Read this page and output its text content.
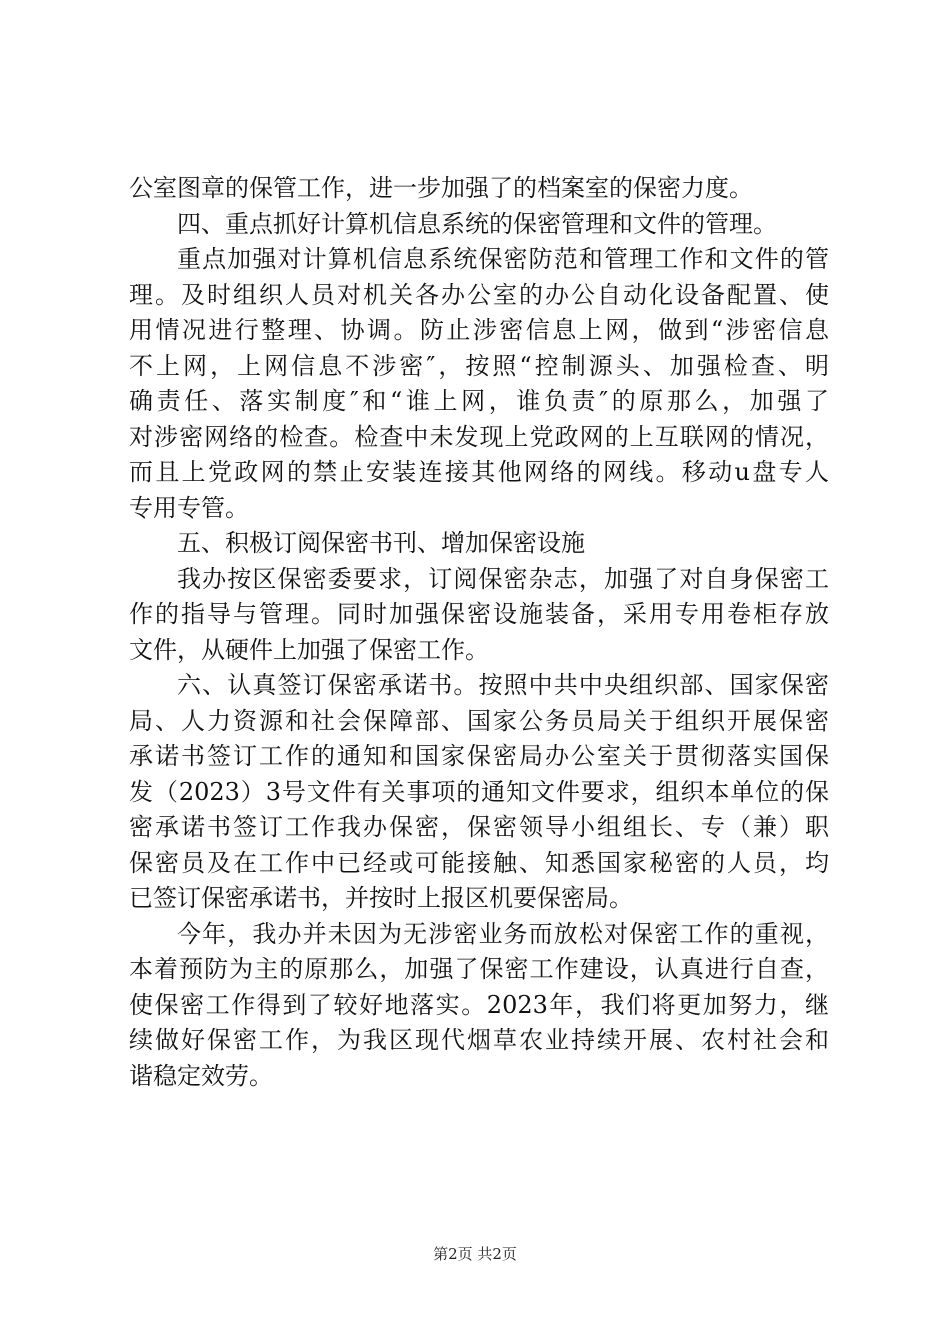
公室图章的保管工作，进一步加强了的档案室的保密力度。
四、重点抓好计算机信息系统的保密管理和文件的管理。
重点加强对计算机信息系统保密防范和管理工作和文件的管
理。及时组织人员对机关各办公室的办公自动化设备配置、使
用情况进行整理、协调。防止涉密信息上网，做到“涉密信息
不上网，上网信息不涉密″，按照“控制源头、加强检查、明
确责任、落实制度″和“谁上网，谁负责″的原那么，加强了
对涉密网络的检查。检查中未发现上党政网的上互联网的情况，
而且上党政网的禁止安装连接其他网络的网线。移动u盘专人
专用专管。
五、积极订阅保密书刊、增加保密设施
我办按区保密委要求，订阅保密杂志，加强了对自身保密工
作的指导与管理。同时加强保密设施装备，采用专用卷柜存放
文件，从硬件上加强了保密工作。
六、认真签订保密承诺书。按照中共中央组织部、国家保密
局、人力资源和社会保障部、国家公务员局关于组织开展保密
承诺书签订工作的通知和国家保密局办公室关于贯彻落实国保
发（2023）3号文件有关事项的通知文件要求，组织本单位的保
密承诺书签订工作我办保密，保密领导小组组长、专（兼）职
保密员及在工作中已经或可能接触、知悉国家秘密的人员，均
已签订保密承诺书，并按时上报区机要保密局。
今年，我办并未因为无涉密业务而放松对保密工作的重视，
本着预防为主的原那么，加强了保密工作建设，认真进行自查，
使保密工作得到了较好地落实。2023年，我们将更加努力，继
续做好保密工作，为我区现代烟草农业持续开展、农村社会和
谐稳定效劳。
第2页 共2页
